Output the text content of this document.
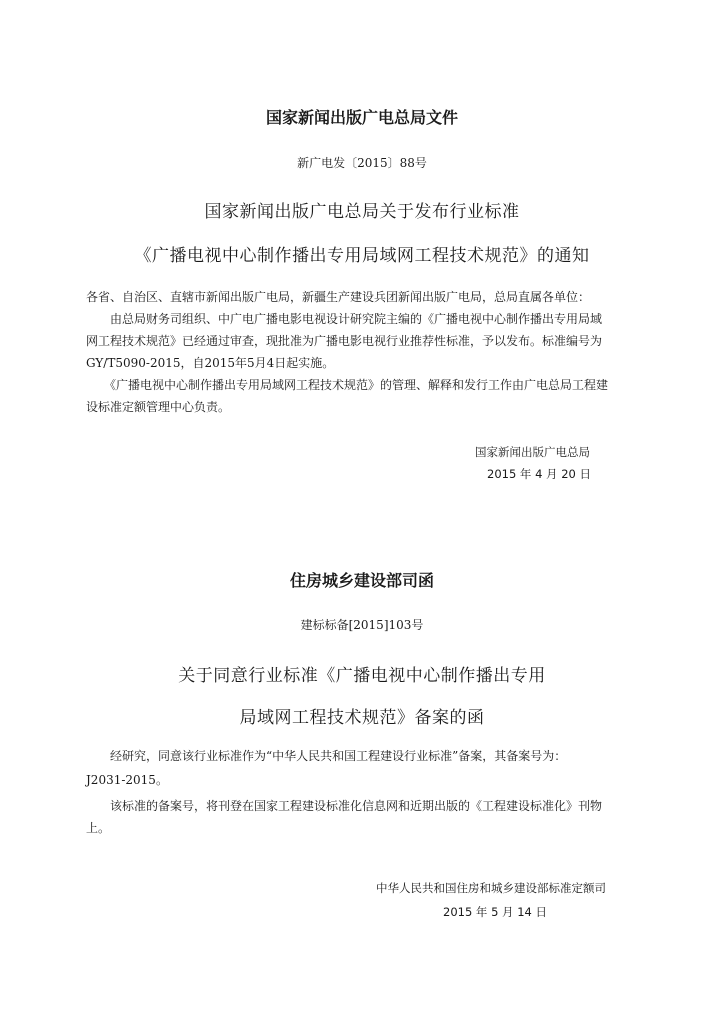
国家新闻出版广电总局文件
新广电发〔2015〕88号
国家新闻出版广电总局关于发布行业标准
《广播电视中心制作播出专用局域网工程技术规范》的通知
各省、自治区、直辖市新闻出版广电局，新疆生产建设兵团新闻出版广电局，总局直属各单位：
由总局财务司组织、中广电广播电影电视设计研究院主编的《广播电视中心制作播出专用局域
网工程技术规范》已经通过审查，现批准为广播电影电视行业推荐性标准，予以发布。标准编号为
GY/T5090-2015，自2015年5月4日起实施。
《广播电视中心制作播出专用局域网工程技术规范》的管理、解释和发行工作由广电总局工程建
设标准定额管理中心负责。
国家新闻出版广电总局
2015 年 4 月 20 日
住房城乡建设部司函
建标标备[2015]103号
关于同意行业标准《广播电视中心制作播出专用
局域网工程技术规范》备案的函
经研究，同意该行业标准作为“中华人民共和国工程建设行业标准”备案，其备案号为：
J2031-2015。
该标准的备案号，将刊登在国家工程建设标准化信息网和近期出版的《工程建设标准化》刊物
上。
中华人民共和国住房和城乡建设部标准定额司
2015 年 5 月 14 日
